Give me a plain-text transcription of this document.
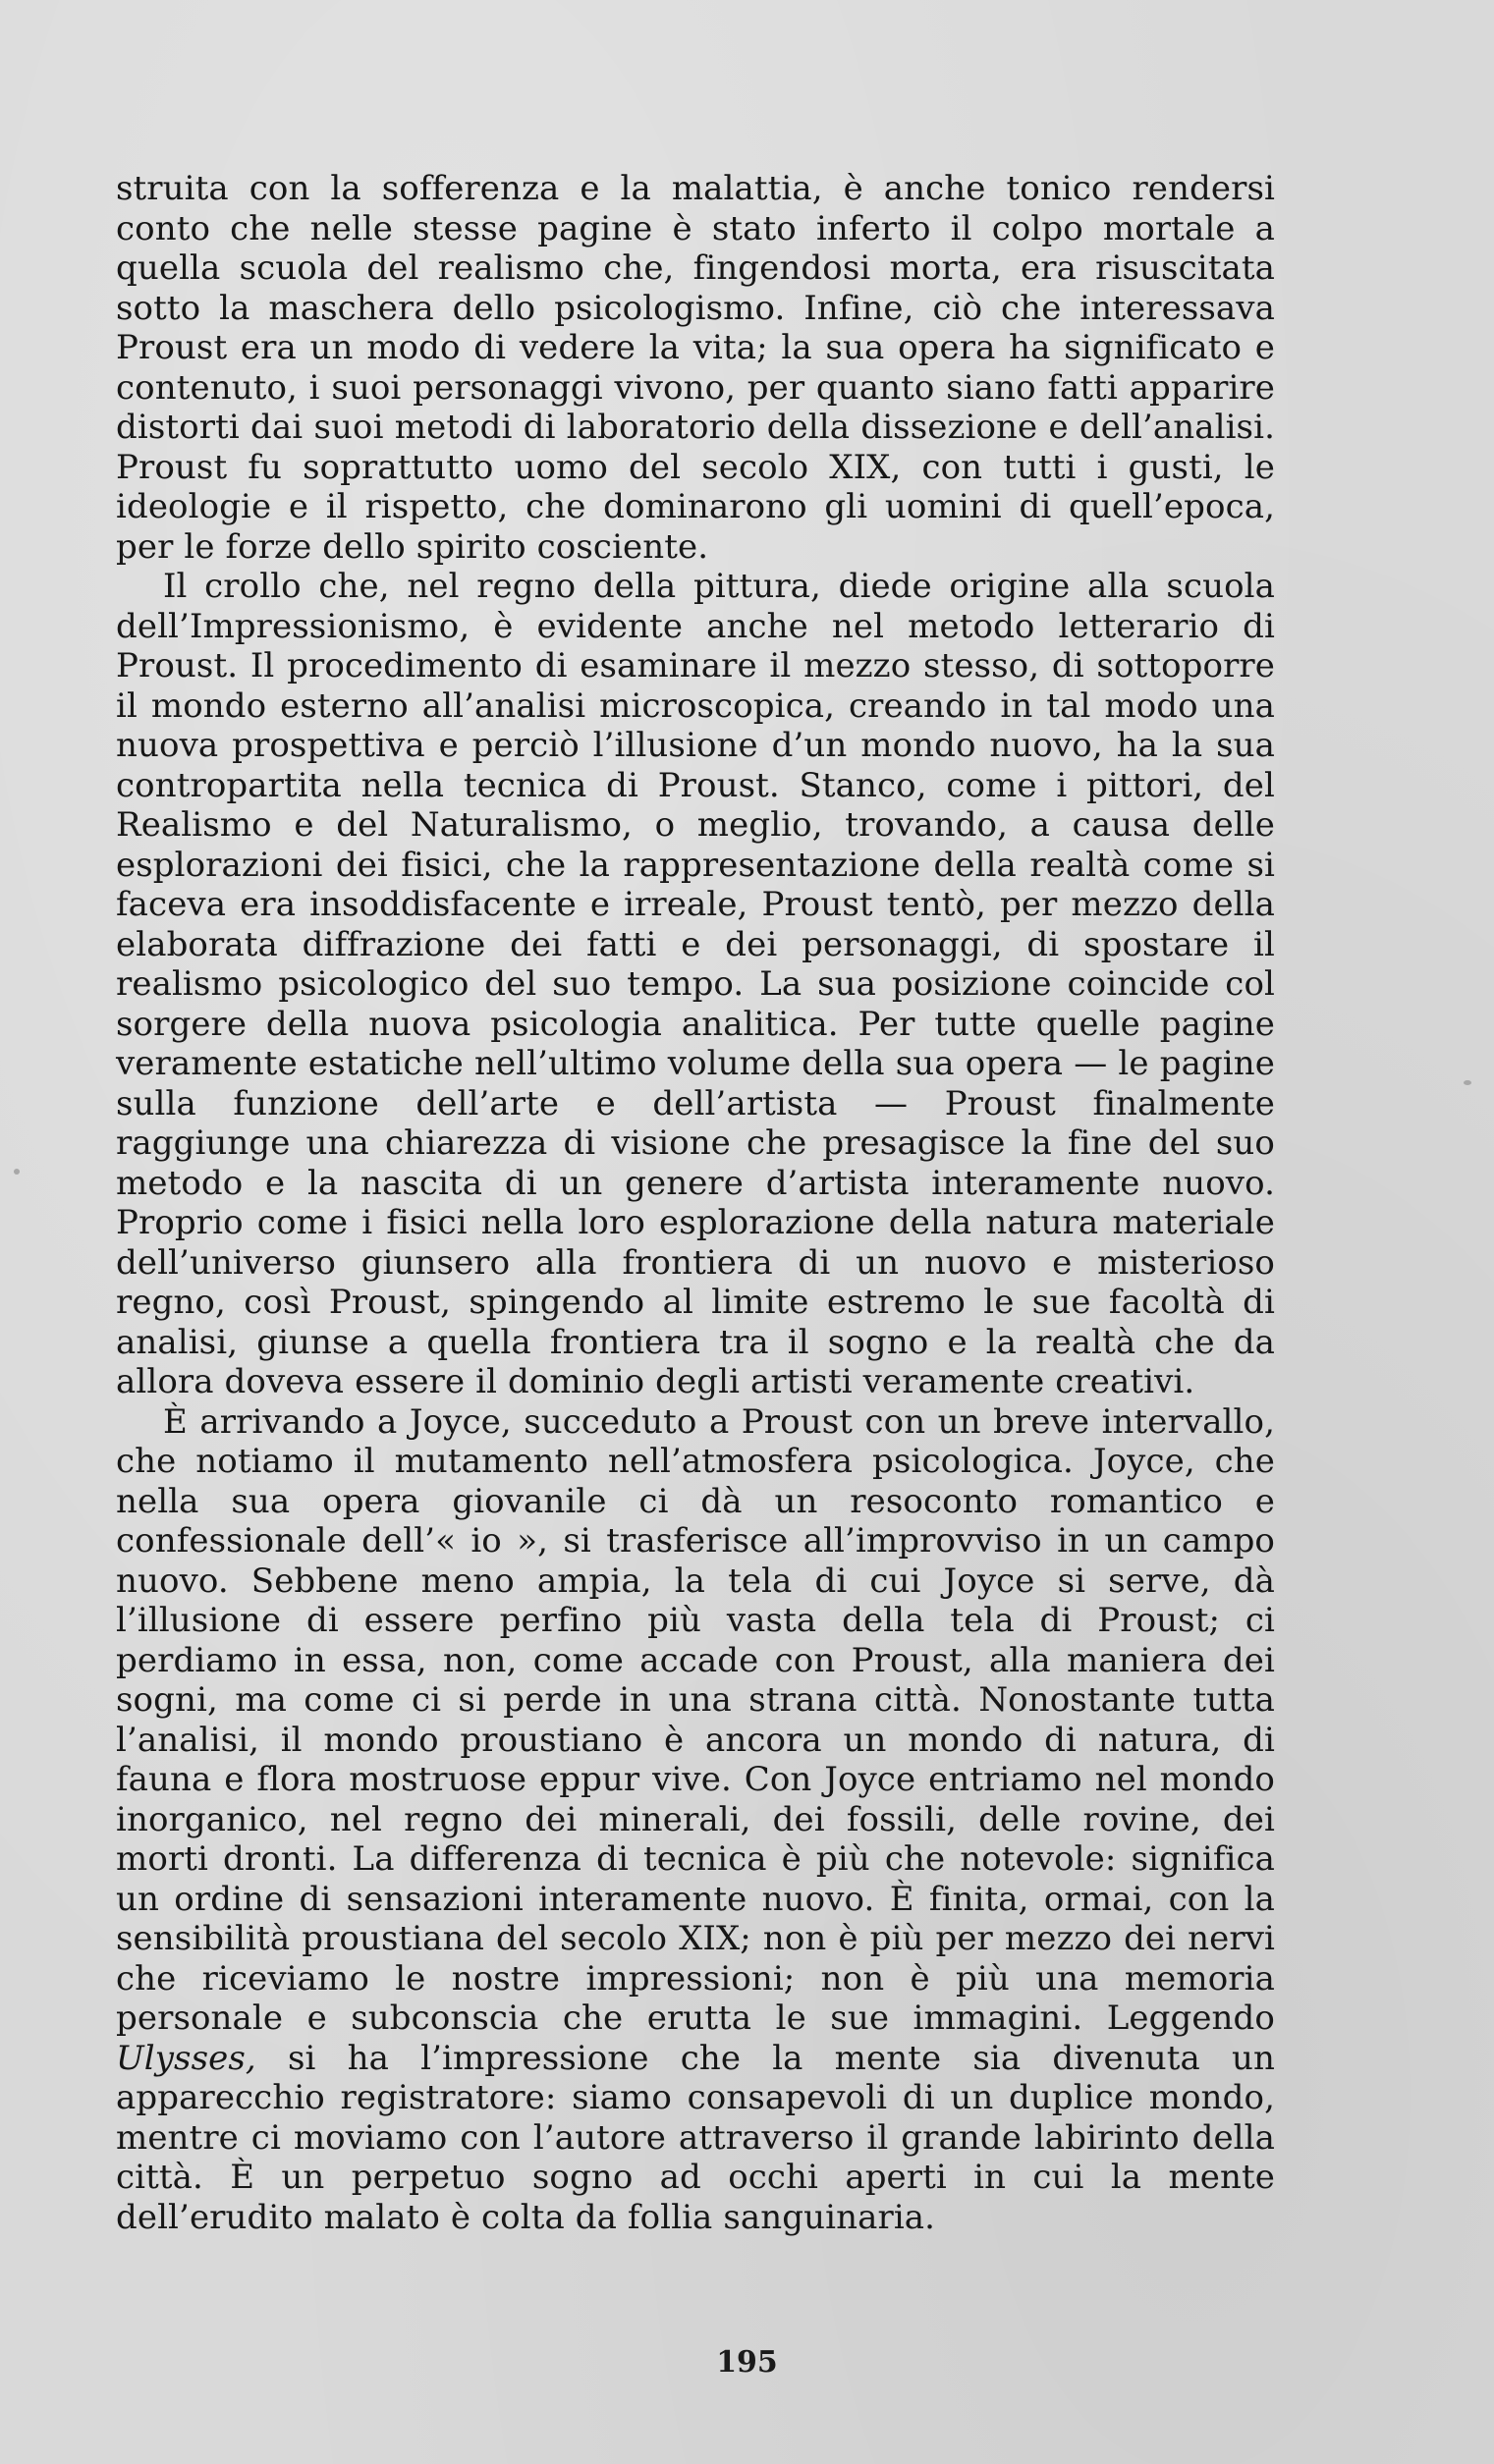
struita con la sofferenza e la malattia, è anche tonico rendersi conto che nelle stesse pagine è stato inferto il colpo mortale a quella scuola del realismo che, fingendosi morta, era risuscitata sotto la maschera dello psicologismo. Infine, ciò che interessava Proust era un modo di vedere la vita; la sua opera ha significato e contenuto, i suoi personaggi vivono, per quanto siano fatti apparire distorti dai suoi metodi di laboratorio della dissezione e dell’analisi. Proust fu soprattutto uomo del secolo XIX, con tutti i gusti, le ideologie e il rispetto, che dominarono gli uomini di quell’epoca, per le forze dello spirito cosciente.

Il crollo che, nel regno della pittura, diede origine alla scuola dell’Impressionismo, è evidente anche nel metodo letterario di Proust. Il procedimento di esaminare il mezzo stesso, di sottoporre il mondo esterno all’analisi microscopica, creando in tal modo una nuova prospettiva e perciò l’illusione d’un mondo nuovo, ha la sua contropartita nella tecnica di Proust. Stanco, come i pittori, del Realismo e del Naturalismo, o meglio, trovando, a causa delle esplorazioni dei fisici, che la rappresentazione della realtà come si faceva era insoddisfacente e irreale, Proust tentò, per mezzo della elaborata diffrazione dei fatti e dei personaggi, di spostare il realismo psicologico del suo tempo. La sua posizione coincide col sorgere della nuova psicologia analitica. Per tutte quelle pagine veramente estatiche nell’ultimo volume della sua opera — le pagine sulla funzione dell’arte e dell’artista — Proust finalmente raggiunge una chiarezza di visione che presagisce la fine del suo metodo e la nascita di un genere d’artista interamente nuovo. Proprio come i fisici nella loro esplorazione della natura materiale dell’universo giunsero alla frontiera di un nuovo e misterioso regno, così Proust, spingendo al limite estremo le sue facoltà di analisi, giunse a quella frontiera tra il sogno e la realtà che da allora doveva essere il dominio degli artisti veramente creativi.

È arrivando a Joyce, succeduto a Proust con un breve intervallo, che notiamo il mutamento nell’atmosfera psicologica. Joyce, che nella sua opera giovanile ci dà un resoconto romantico e confessionale dell’« io », si trasferisce all’improvviso in un campo nuovo. Sebbene meno ampia, la tela di cui Joyce si serve, dà l’illusione di essere perfino più vasta della tela di Proust; ci perdiamo in essa, non, come accade con Proust, alla maniera dei sogni, ma come ci si perde in una strana città. Nonostante tutta l’analisi, il mondo proustiano è ancora un mondo di natura, di fauna e flora mostruose eppur vive. Con Joyce entriamo nel mondo inorganico, nel regno dei minerali, dei fossili, delle rovine, dei morti dronti. La differenza di tecnica è più che notevole: significa un ordine di sensazioni interamente nuovo. È finita, ormai, con la sensibilità proustiana del secolo XIX; non è più per mezzo dei nervi che riceviamo le nostre impressioni; non è più una memoria personale e subconscia che erutta le sue immagini. Leggendo Ulysses, si ha l’impressione che la mente sia divenuta un apparecchio registratore: siamo consapevoli di un duplice mondo, mentre ci moviamo con l’autore attraverso il grande labirinto della città. È un perpetuo sogno ad occhi aperti in cui la mente dell’erudito malato è colta da follia sanguinaria.

195
